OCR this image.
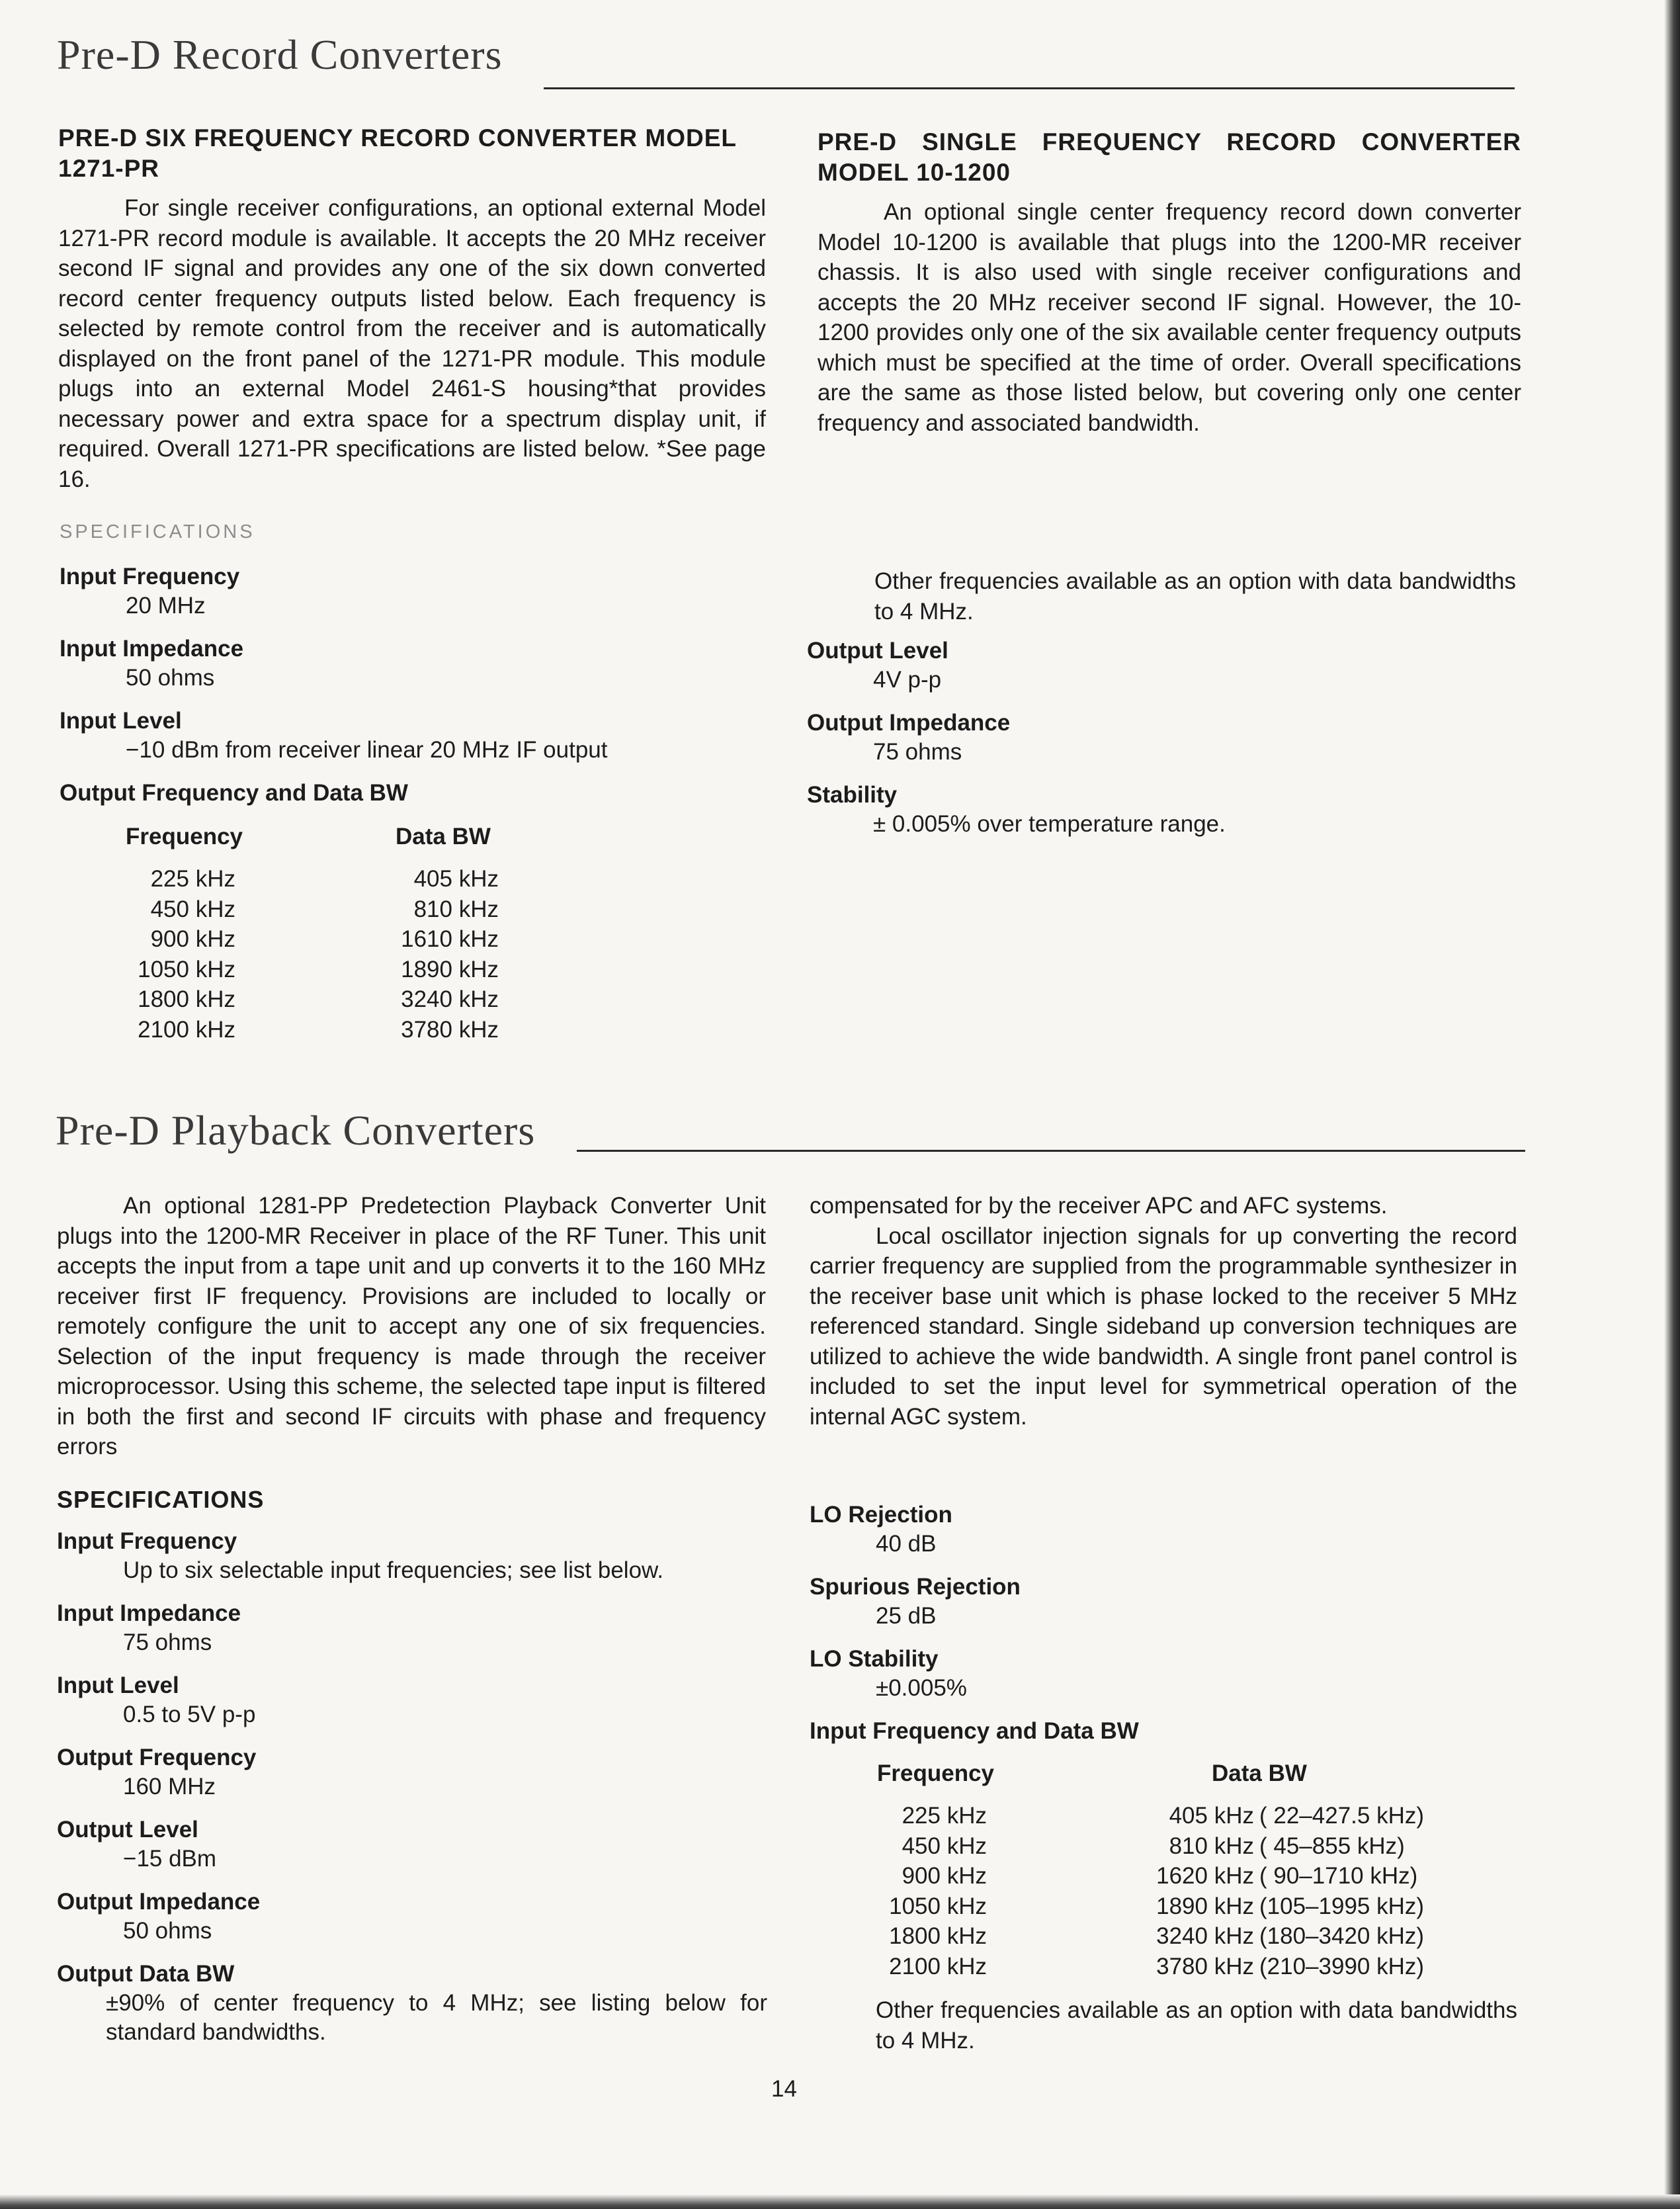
Pre-D Record Converters
PRE-D SIX FREQUENCY RECORD CONVERTER MODEL 1271-PR

For single receiver configurations, an optional external Model 1271-PR record module is available. It accepts the 20 MHz receiver second IF signal and provides any one of the six down converted record center frequency outputs listed below. Each frequency is selected by remote control from the receiver and is automatically displayed on the front panel of the 1271-PR module. This module plugs into an external Model 2461-S housing*that provides necessary power and extra space for a spectrum display unit, if required. Overall 1271-PR specifications are listed below. *See page 16.

PRE-D SINGLE FREQUENCY RECORD CONVERTER MODEL 10-1200

An optional single center frequency record down converter Model 10-1200 is available that plugs into the 1200-MR receiver chassis. It is also used with single receiver configurations and accepts the 20 MHz receiver second IF signal. However, the 10-1200 provides only one of the six available center frequency outputs which must be specified at the time of order. Overall specifications are the same as those listed below, but covering only one center frequency and associated bandwidth.

SPECIFICATIONS
Input Frequency
20 MHz
Input Impedance
50 ohms
Input Level
−10 dBm from receiver linear 20 MHz IF output
Output Frequency and Data BW
Frequency	Data BW
225 kHz
450 kHz
900 kHz
1050 kHz
1800 kHz
2100 kHz
405 kHz
810 kHz
1610 kHz
1890 kHz
3240 kHz
3780 kHz
Other frequencies available as an option with data bandwidths to 4 MHz.
Output Level
4V p-p
Output Impedance
75 ohms
Stability
± 0.005% over temperature range.
Pre-D Playback Converters

An optional 1281-PP Predetection Playback Converter Unit plugs into the 1200-MR Receiver in place of the RF Tuner. This unit accepts the input from a tape unit and up converts it to the 160 MHz receiver first IF frequency. Provisions are included to locally or remotely configure the unit to accept any one of six frequencies. Selection of the input frequency is made through the receiver microprocessor. Using this scheme, the selected tape input is filtered in both the first and second IF circuits with phase and frequency errors

compensated for by the receiver APC and AFC systems.

Local oscillator injection signals for up converting the record carrier frequency are supplied from the programmable synthesizer in the receiver base unit which is phase locked to the receiver 5 MHz referenced standard. Single sideband up conversion techniques are utilized to achieve the wide bandwidth. A single front panel control is included to set the input level for symmetrical operation of the internal AGC system.

SPECIFICATIONS
Input Frequency
Up to six selectable input frequencies; see list below.
Input Impedance
75 ohms
Input Level
0.5 to 5V p-p
Output Frequency
160 MHz
Output Level
−15 dBm
Output Impedance
50 ohms
Output Data BW
±90% of center frequency to 4 MHz; see listing below for standard bandwidths.
LO Rejection
40 dB
Spurious Rejection
25 dB
LO Stability
±0.005%
Input Frequency and Data BW
Frequency	Data BW
225 kHz
450 kHz
900 kHz
1050 kHz
1800 kHz
2100 kHz
405 kHz
810 kHz
1620 kHz
1890 kHz
3240 kHz
3780 kHz
( 22–427.5 kHz)
( 45–855 kHz)
( 90–1710 kHz)
(105–1995 kHz)
(180–3420 kHz)
(210–3990 kHz)
Other frequencies available as an option with data bandwidths to 4 MHz.
14
